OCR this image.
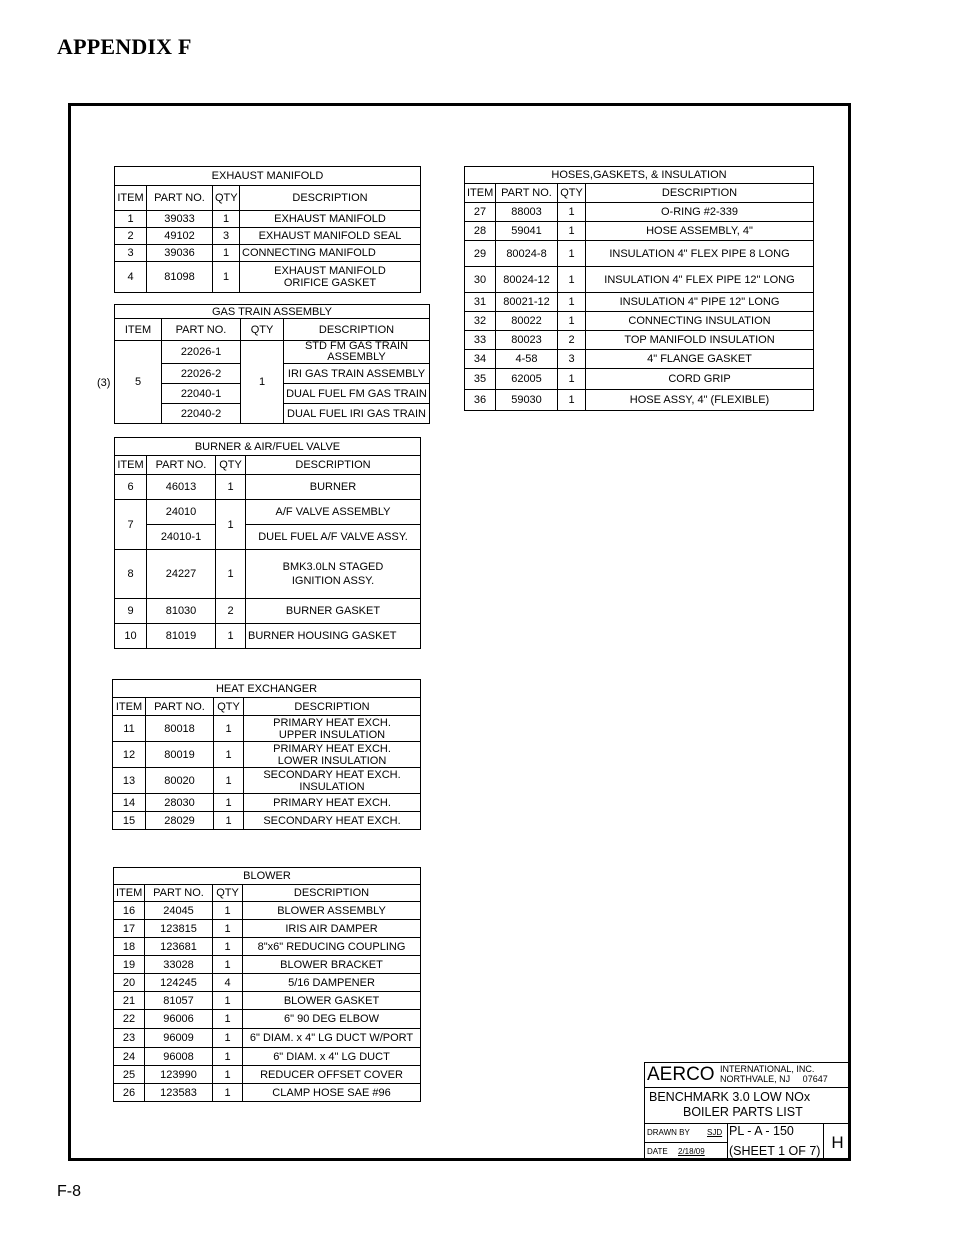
APPENDIX F
EXHAUST MANIFOLD			
ITEM	PART NO.	QTY	DESCRIPTION
1	39033	1	EXHAUST MANIFOLD
2	49102	3	EXHAUST MANIFOLD SEAL
3	39036	1	CONNECTING MANIFOLD
4	81098	1	EXHAUST MANIFOLD ORIFICE GASKET
(3)
GAS TRAIN ASSEMBLY			
ITEM	PART NO.	QTY	DESCRIPTION
5	22026-1	1	STD FM GAS TRAIN ASSEMBLY
	22026-2		IRI GAS TRAIN ASSEMBLY
	22040-1		DUAL FUEL FM GAS TRAIN
	22040-2		DUAL FUEL IRI GAS TRAIN
BURNER & AIR/FUEL VALVE			
ITEM	PART NO.	QTY	DESCRIPTION
6	46013	1	BURNER
7	24010	1	A/F VALVE ASSEMBLY
	24010-1		DUEL FUEL A/F VALVE ASSY.
8	24227	1	BMK3.0LN STAGED IGNITION ASSY.
9	81030	2	BURNER GASKET
10	81019	1	BURNER HOUSING GASKET
HEAT EXCHANGER			
ITEM	PART NO.	QTY	DESCRIPTION
11	80018	1	PRIMARY HEAT EXCH. UPPER INSULATION
12	80019	1	PRIMARY HEAT EXCH. LOWER INSULATION
13	80020	1	SECONDARY HEAT EXCH. INSULATION
14	28030	1	PRIMARY HEAT EXCH.
15	28029	1	SECONDARY HEAT EXCH.
BLOWER			
ITEM	PART NO.	QTY	DESCRIPTION
16	24045	1	BLOWER ASSEMBLY
17	123815	1	IRIS AIR DAMPER
18	123681	1	8"x6" REDUCING COUPLING
19	33028	1	BLOWER BRACKET
20	124245	4	5/16 DAMPENER
21	81057	1	BLOWER GASKET
22	96006	1	6" 90 DEG ELBOW
23	96009	1	6" DIAM. x 4" LG DUCT W/PORT
24	96008	1	6" DIAM. x 4" LG DUCT
25	123990	1	REDUCER OFFSET COVER
26	123583	1	CLAMP HOSE SAE #96
HOSES,GASKETS, & INSULATION			
ITEM	PART NO.	QTY	DESCRIPTION
27	88003	1	O-RING #2-339
28	59041	1	HOSE ASSEMBLY, 4"
29	80024-8	1	INSULATION 4" FLEX PIPE 8 LONG
30	80024-12	1	INSULATION 4" FLEX PIPE 12" LONG
31	80021-12	1	INSULATION 4" PIPE 12" LONG
32	80022	1	CONNECTING INSULATION
33	80023	2	TOP MANIFOLD INSULATION
34	4-58	3	4" FLANGE GASKET
35	62005	1	CORD GRIP
36	59030	1	HOSE ASSY, 4" (FLEXIBLE)
AERCO INTERNATIONAL, INC.
NORTHVALE, NJ     07647
BENCHMARK 3.0 LOW NOx
BOILER PARTS LIST
DRAWN BY SJD
DATE 2/18/09
PL - A - 150
(SHEET 1 OF 7) H
F-8
